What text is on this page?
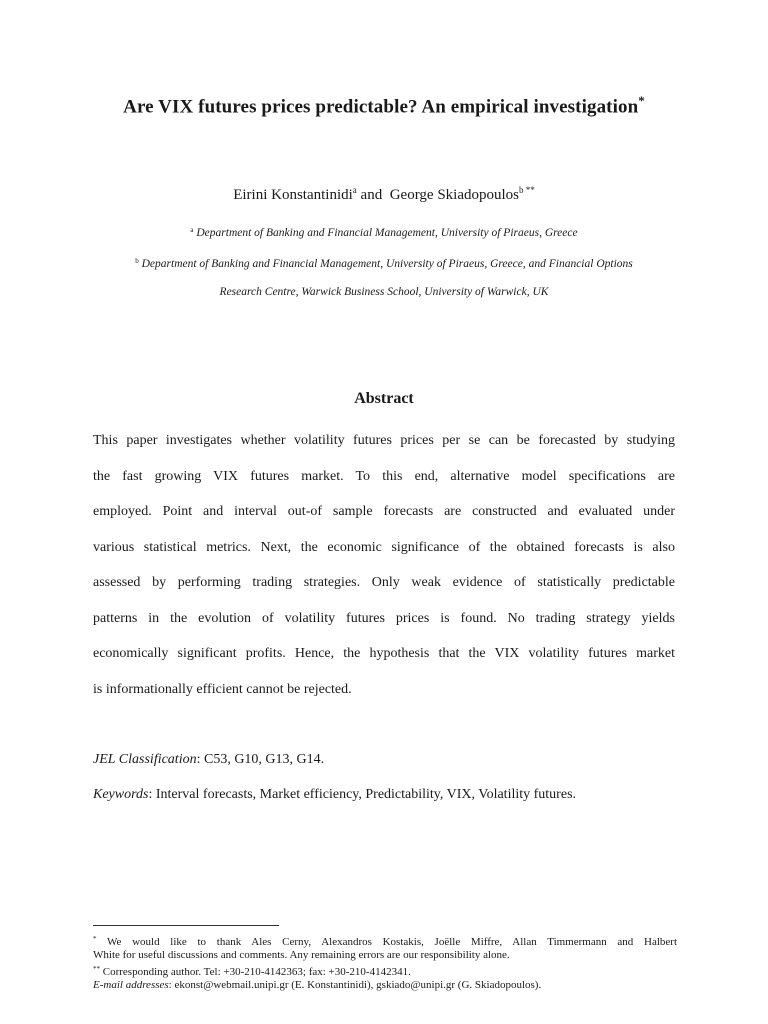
Are VIX futures prices predictable? An empirical investigation*
Eirini Konstantinidi$^a$ and George Skiadopoulos$^{b **}$
$^a$ Department of Banking and Financial Management, University of Piraeus, Greece
$^b$ Department of Banking and Financial Management, University of Piraeus, Greece, and Financial Options
Research Centre, Warwick Business School, University of Warwick, UK
Abstract
This paper investigates whether volatility futures prices per se can be forecasted by studying
the fast growing VIX futures market. To this end, alternative model specifications are
employed. Point and interval out-of sample forecasts are constructed and evaluated under
various statistical metrics. Next, the economic significance of the obtained forecasts is also
assessed by performing trading strategies. Only weak evidence of statistically predictable
patterns in the evolution of volatility futures prices is found. No trading strategy yields
economically significant profits. Hence, the hypothesis that the VIX volatility futures market
is informationally efficient cannot be rejected.
JEL Classification: C53, G10, G13, G14.
Keywords: Interval forecasts, Market efficiency, Predictability, VIX, Volatility futures.
* We would like to thank Ales Cerny, Alexandros Kostakis, Joëlle Miffre, Allan Timmermann and Halbert
White for useful discussions and comments. Any remaining errors are our responsibility alone.
** Corresponding author. Tel: +30-210-4142363; fax: +30-210-4142341.
E-mail addresses: ekonst@webmail.unipi.gr (E. Konstantinidi), gskiado@unipi.gr (G. Skiadopoulos).
